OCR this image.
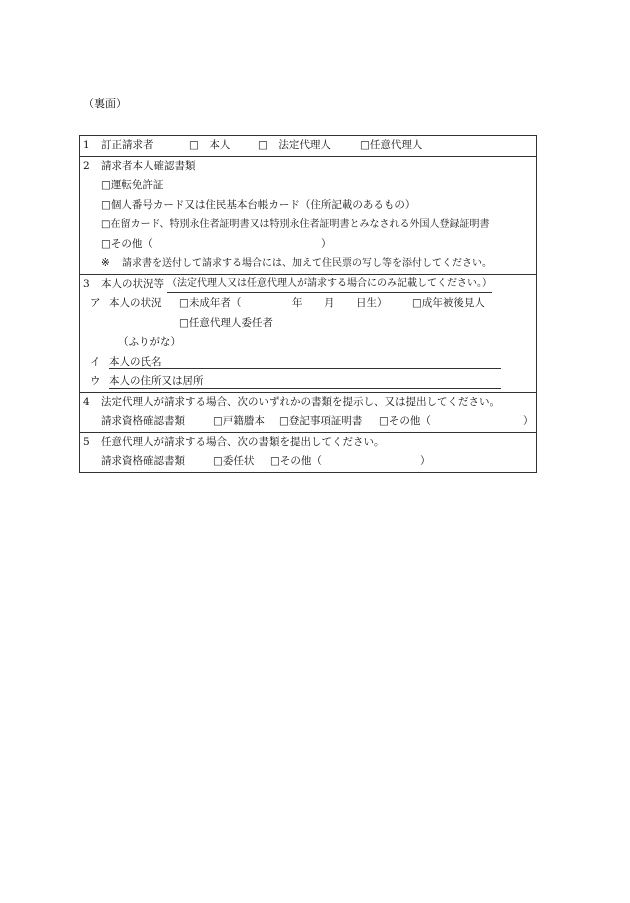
（裏面）
1 訂正請求者	□　本人	□　法定代理人	□任意代理人
2 請求者本人確認書類
□運転免許証
□個人番号カード又は住民基本台帳カード（住所記載のあるもの）
□在留カード、特別永住者証明書又は特別永住者証明書とみなされる外国人登録証明書
□その他（	）
※ 請求書を送付して請求する場合には、加えて住民票の写し等を添付してください。
3 本人の状況等 （法定代理人又は任意代理人が請求する場合にのみ記載してください。）
ア 本人の状況 □未成年者（	年 月 日生） □成年被後見人
□任意代理人委任者
（ふりがな）
イ 本人の氏名
ウ 本人の住所又は居所
4 法定代理人が請求する場合、次のいずれかの書類を提示し、又は提出してください。
請求資格確認書類	□戸籍謄本 □登記事項証明書 □その他（	）
5 任意代理人が請求する場合、次の書類を提出してください。
請求資格確認書類	□委任状 □その他（	）
